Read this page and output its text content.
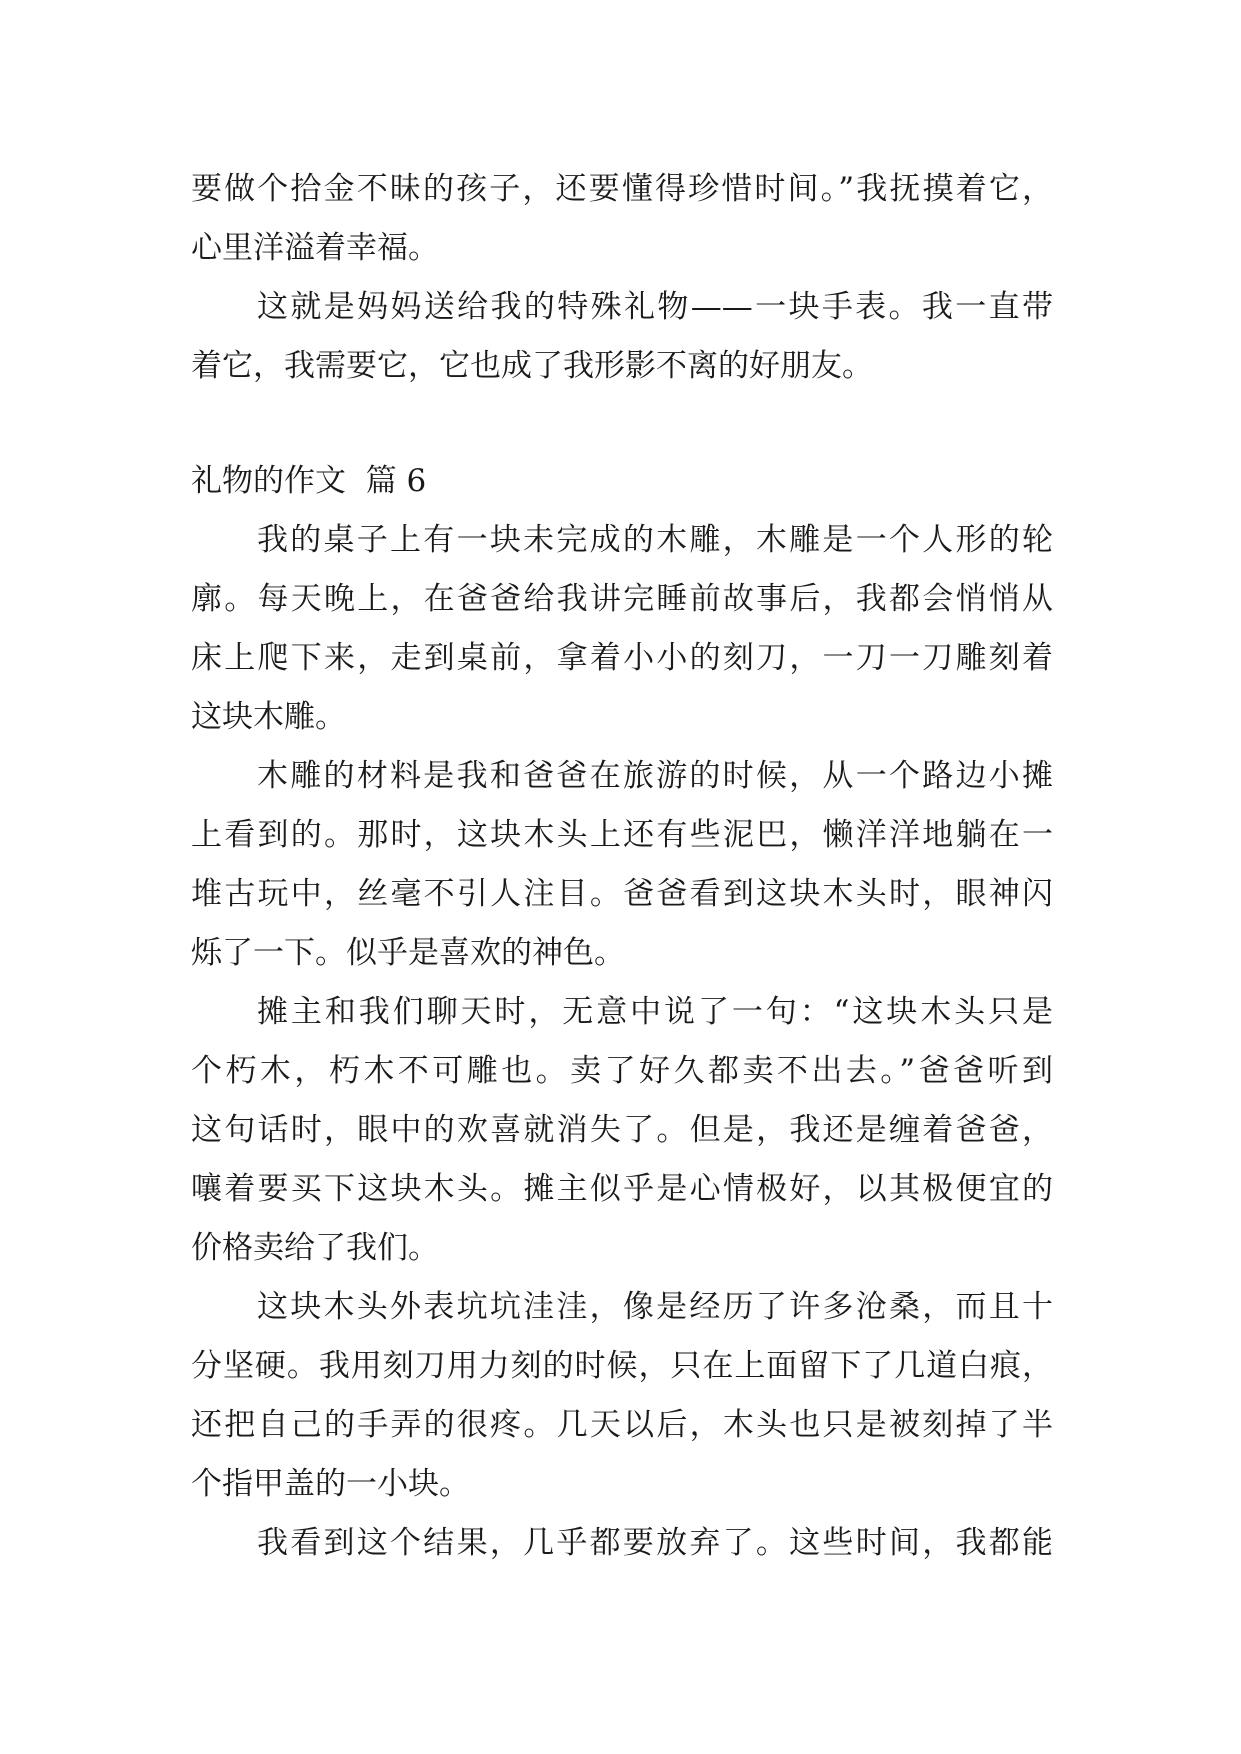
要做个拾金不昧的孩子，还要懂得珍惜时间。”我抚摸着它，
心里洋溢着幸福。
这就是妈妈送给我的特殊礼物——一块手表。我一直带
着它，我需要它，它也成了我形影不离的好朋友。
礼物的作文  篇 6
我的桌子上有一块未完成的木雕，木雕是一个人形的轮
廓。每天晚上，在爸爸给我讲完睡前故事后，我都会悄悄从
床上爬下来，走到桌前，拿着小小的刻刀，一刀一刀雕刻着
这块木雕。
木雕的材料是我和爸爸在旅游的时候，从一个路边小摊
上看到的。那时，这块木头上还有些泥巴，懒洋洋地躺在一
堆古玩中，丝毫不引人注目。爸爸看到这块木头时，眼神闪
烁了一下。似乎是喜欢的神色。
摊主和我们聊天时，无意中说了一句：“这块木头只是
个朽木，朽木不可雕也。卖了好久都卖不出去。”爸爸听到
这句话时，眼中的欢喜就消失了。但是，我还是缠着爸爸，
嚷着要买下这块木头。摊主似乎是心情极好，以其极便宜的
价格卖给了我们。
这块木头外表坑坑洼洼，像是经历了许多沧桑，而且十
分坚硬。我用刻刀用力刻的时候，只在上面留下了几道白痕，
还把自己的手弄的很疼。几天以后，木头也只是被刻掉了半
个指甲盖的一小块。
我看到这个结果，几乎都要放弃了。这些时间，我都能
